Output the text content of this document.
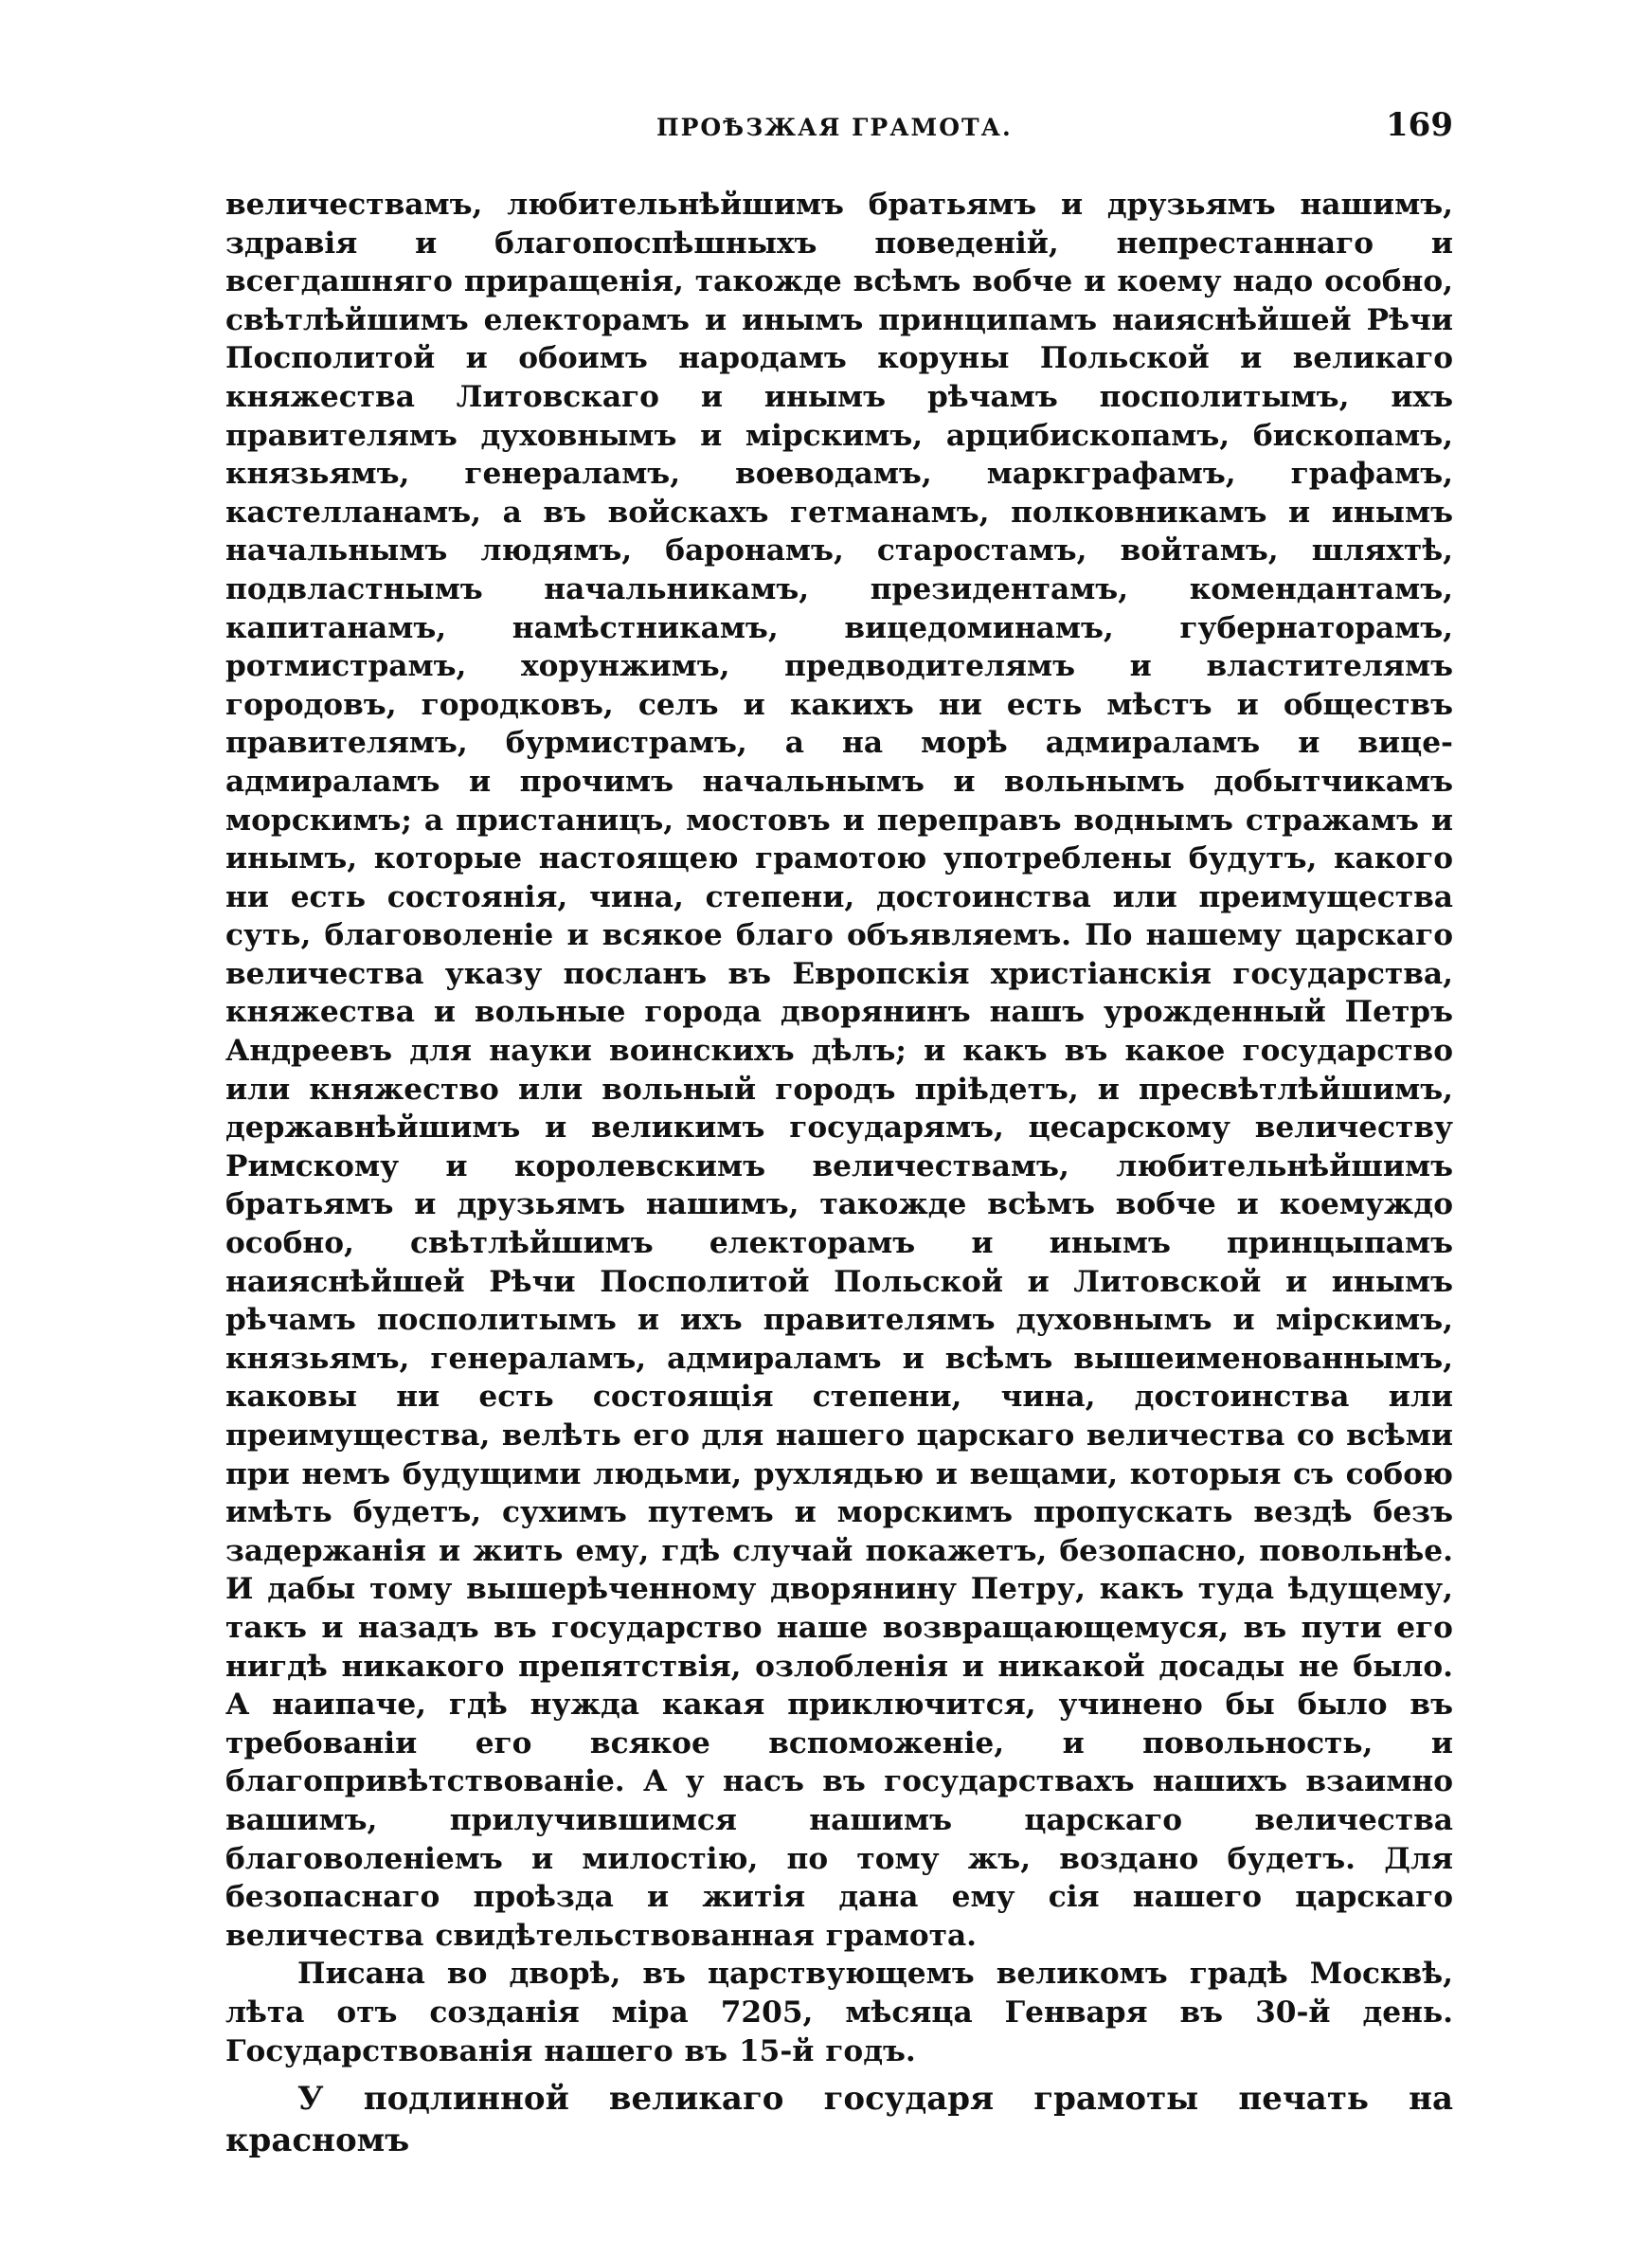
ПРОѢЗЖАЯ ГРАМОТА.	169

величествамъ, любительнѣйшимъ братьямъ и друзьямъ нашимъ, здравія и благопоспѣшныхъ поведеній, непрестаннаго и всегдашняго приращенія, такожде всѣмъ вобче и коему надо особно, свѣтлѣйшимъ електорамъ и инымъ принципамъ наияснѣйшей Рѣчи Посполитой и обоимъ народамъ коруны Польской и великаго княжества Литовскаго и инымъ рѣчамъ посполитымъ, ихъ правителямъ духовнымъ и мірскимъ, арцибископамъ, бископамъ, князьямъ, генераламъ, воеводамъ, маркграфамъ, графамъ, кастелланамъ, а въ войскахъ гетманамъ, полковникамъ и инымъ начальнымъ людямъ, баронамъ, старостамъ, войтамъ, шляхтѣ, подвластнымъ начальникамъ, президентамъ, комендантамъ, капитанамъ, намѣстникамъ, вицедоминамъ, губернаторамъ, ротмистрамъ, хорунжимъ, предводителямъ и властителямъ городовъ, городковъ, селъ и какихъ ни есть мѣстъ и обществъ правителямъ, бурмистрамъ, а на морѣ адмираламъ и вице-адмираламъ и прочимъ начальнымъ и вольнымъ добытчикамъ морскимъ; а пристаницъ, мостовъ и переправъ воднымъ стражамъ и инымъ, которые настоящею грамотою употреблены будутъ, какого ни есть состоянія, чина, степени, достоинства или преимущества суть, благоволеніе и всякое благо объявляемъ. По нашему царскаго величества указу посланъ въ Европскія христіанскія государства, княжества и вольные города дворянинъ нашъ урожденный Петръ Андреевъ для науки воинскихъ дѣлъ; и какъ въ какое государство или княжество или вольный городъ пріѣдетъ, и пресвѣтлѣйшимъ, державнѣйшимъ и великимъ государямъ, цесарскому величеству Римскому и королевскимъ величествамъ, любительнѣйшимъ братьямъ и друзьямъ нашимъ, такожде всѣмъ вобче и коемуждо особно, свѣтлѣйшимъ електорамъ и инымъ принцыпамъ наияснѣйшей Рѣчи Посполитой Польской и Литовской и инымъ рѣчамъ посполитымъ и ихъ правителямъ духовнымъ и мірскимъ, князьямъ, генераламъ, адмираламъ и всѣмъ вышеименованнымъ, каковы ни есть состоящія степени, чина, достоинства или преимущества, велѣть его для нашего царскаго величества со всѣми при немъ будущими людьми, рухлядью и вещами, которыя съ собою имѣть будетъ, сухимъ путемъ и морскимъ пропускать вездѣ безъ задержанія и жить ему, гдѣ случай покажетъ, безопасно, повольнѣе. И дабы тому вышерѣченному дворянину Петру, какъ туда ѣдущему, такъ и назадъ въ государство наше возвращающемуся, въ пути его нигдѣ никакого препятствія, озлобленія и никакой досады не было. А наипаче, гдѣ нужда какая приключится, учинено бы было въ требованіи его всякое вспоможеніе, и повольность, и благопривѣтствованіе. А у насъ въ государствахъ нашихъ взаимно вашимъ, прилучившимся нашимъ царскаго величества благоволеніемъ и милостію, по тому жъ, воздано будетъ. Для безопаснаго проѣзда и житія дана ему сія нашего царскаго величества свидѣтельствованная грамота.

Писана во дворѣ, въ царствующемъ великомъ градѣ Москвѣ, лѣта отъ созданія міра 7205, мѣсяца Генваря въ 30-й день. Государствованія нашего въ 15-й годъ.

У подлинной великаго государя грамоты печать на красномъ
